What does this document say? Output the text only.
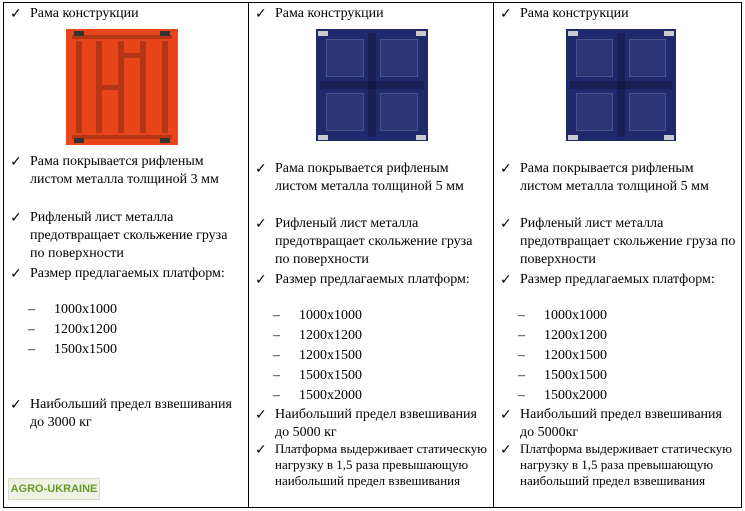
✓ Рама конструкции
✓ Рама покрывается рифленым листом металла толщиной 3 мм
✓ Рифленый лист металла предотвращает скольжение груза по поверхности
✓ Размер предлагаемых платформ:
– 1000х1000
– 1200х1200
– 1500х1500
✓ Наибольший предел взвешивания до 3000 кг
✓ Рама конструкции
✓ Рама покрывается рифленым листом металла толщиной 5 мм
✓ Рифленый лист металла предотвращает скольжение груза по поверхности
✓ Размер предлагаемых платформ:
– 1000х1000
– 1200х1200
– 1200х1500
– 1500х1500
– 1500х2000
✓ Наибольший предел взвешивания до 5000 кг
✓ Платформа выдерживает статическую нагрузку в 1,5 раза превышающую наибольший предел взвешивания
✓ Рама конструкции
✓ Рама покрывается рифленым листом металла толщиной 5 мм
✓ Рифленый лист металла предотвращает скольжение груза по поверхности
✓ Размер предлагаемых платформ:
– 1000х1000
– 1200х1200
– 1200х1500
– 1500х1500
– 1500х2000
✓ Наибольший предел взвешивания до 5000кг
✓ Платформа выдерживает статическую нагрузку в 1,5 раза превышающую наибольший предел взвешивания
AGRO-UKRAINE
